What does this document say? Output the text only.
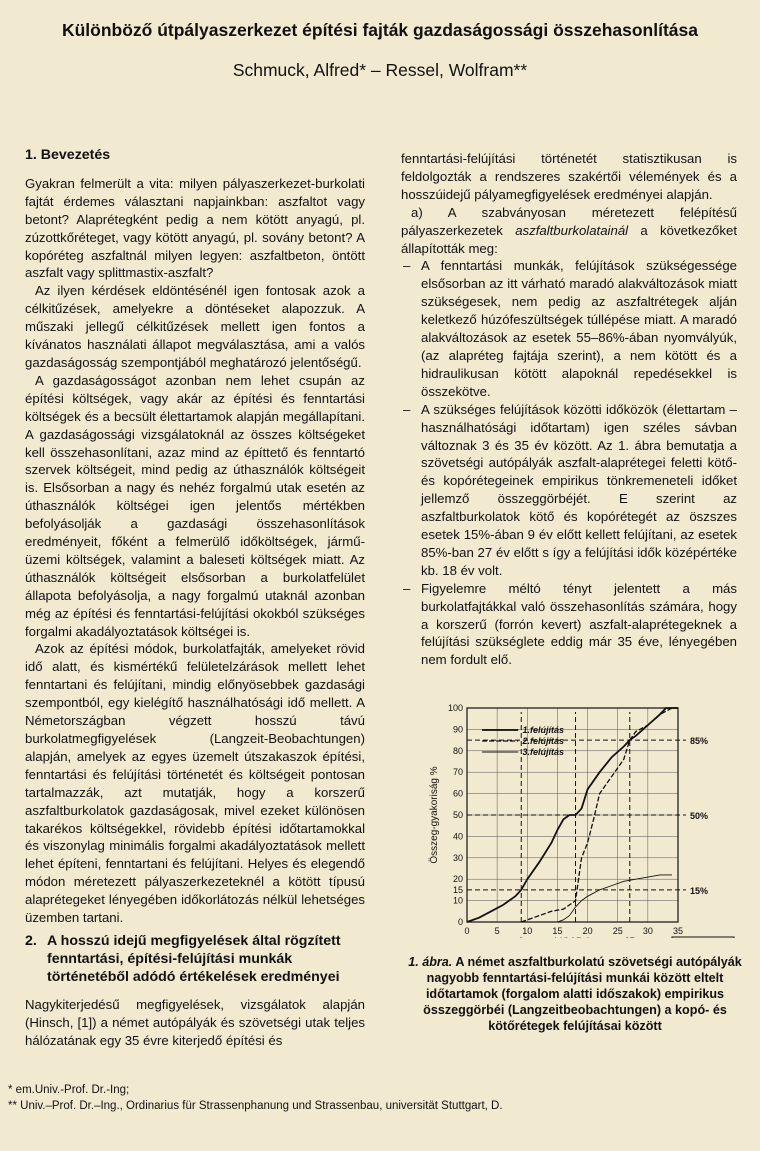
Különböző útpályaszerkezet építési fajták gazdaságossági összehasonlítása
Schmuck, Alfred* – Ressel, Wolfram**
1. Bevezetés

Gyakran felmerült a vita: milyen pályaszerkezet-burkolati fajtát érdemes választani napjainkban: aszfaltot vagy betont? Alaprétegként pedig a nem kötött anyagú, pl. zúzottkőréteget, vagy kötött anyagú, pl. sovány betont? A kopóréteg aszfaltnál milyen legyen: aszfaltbeton, öntött aszfalt vagy splittmastix-aszfalt?

Az ilyen kérdések eldöntésénél igen fontosak azok a célkitűzések, amelyekre a döntéseket alapozzuk. A műszaki jellegű célkitűzések mellett igen fontos a kívánatos használati állapot megválasztása, ami a valós gazdaságosság szempontjából meghatározó jelentőségű.

A gazdaságosságot azonban nem lehet csupán az építési költségek, vagy akár az építési és fenntartási költségek és a becsült élettartamok alapján megállapítani. A gazdaságossági vizsgálatoknál az összes költségeket kell összehasonlítani, azaz mind az építtető és fenntartó szervek költségeit, mind pedig az úthasználók költségeit is. Elsősorban a nagy és nehéz forgalmú utak esetén az úthasználók költségei igen jelentős mértékben befolyásolják a gazdasági összehasonlítások eredményeit, főként a felmerülő időköltségek, jármű-üzemi költségek, valamint a baleseti költségek miatt. Az úthasználók költségeit elsősorban a burkolatfelület állapota befolyásolja, a nagy forgalmú utaknál azonban még az építési és fenntartási-felújítási okokból szükséges forgalmi akadályoztatások költségei is.

Azok az építési módok, burkolatfajták, amelyeket rövid idő alatt, és kismértékű felületelzárások mellett lehet fenntartani és felújítani, mindig előnyösebbek gazdasági szempontból, egy kielégítő használhatósági idő mellett. A Németországban végzett hosszú távú burkolatmegfigyelések (Langzeit-Beobachtungen) alapján, amelyek az egyes üzemelt útszakaszok építési, fenntartási és felújítási történetét és költségeit pontosan tartalmazzák, azt mutatják, hogy a korszerű aszfaltburkolatok gazdaságosak, mivel ezeket különösen takarékos költségekkel, rövidebb építési időtartamokkal és viszonylag minimális forgalmi akadályoztatások mellett lehet építeni, fenntartani és felújítani. Helyes és elegendő módon méretezett pályaszerkezeteknél a kötött típusú alaprétegeket lényegében időkorlátozás nélkül lehetséges üzemben tartani.

2. A hosszú idejű megfigyelések által rögzített fenntartási, építési-felújítási munkák történetéből adódó értékelések eredményei

Nagykiterjedésű megfigyelések, vizsgálatok alapján (Hinsch, [1]) a német autópályák és szövetségi utak teljes hálózatának egy 35 évre kiterjedő építési és

fenntartási-felújítási történetét statisztikusan is feldolgozták a rendszeres szakértői vélemények és a hosszúidejű pályamegfigyelések eredményei alapján.

a) A szabványosan méretezett felépítésű pályaszerkezetek aszfaltburkolatainál a következőket állapították meg:

– A fenntartási munkák, felújítások szükségessége elsősorban az itt várható maradó alakváltozások miatt szükségesek, nem pedig az aszfaltrétegek alján keletkező húzófeszültségek túllépése miatt. A maradó alakváltozások az esetek 55–86%-ában nyomvályúk, (az alapréteg fajtája szerint), a nem kötött és a hidraulikusan kötött alapoknál repedésekkel is összekötve.
– A szükséges felújítások közötti időközök (élettartam – használhatósági időtartam) igen széles sávban változnak 3 és 35 év között. Az 1. ábra bemutatja a szövetségi autópályák aszfalt-alaprétegei feletti kötő- és kopórétegeinek empirikus tönkremeneteli időket jellemző összeggörbéjét. E szerint az aszfaltburkolatok kötő és kopórétegét az öszszes esetek 15%-ában 9 év előtt kellett felújítani, az esetek 85%-ban 27 év előtt s így a felújítási idők középértéke kb. 18 év volt.
– Figyelemre méltó tényt jelentett a más burkolatfajtákkal való összehasonlítás számára, hogy a korszerű (forrón kevert) aszfalt-alaprétegeknek a felújítási szükséglete eddig már 35 éve, lényegében nem fordult elő.
85%
50%
15%
0
10
15
20
30
40
50
60
70
80
90
100
0	5	10 15 20 25 30 35
Összeg-gyakoriság %
1.felújítás
2.felújítás
3.felújítás
1. ábra. A német aszfaltburkolatú szövetségi autópályák nagyobb fenntartási-felújítási munkái között eltelt időtartamok (forgalom alatti időszakok) empirikus összeggörbéi (Langzeitbeobachtungen) a kopó- és kötőrétegek felújításai között
* em.Univ.-Prof. Dr.-Ing;
** Univ.–Prof. Dr.–Ing., Ordinarius für Strassenphanung und Strassenbau, universität Stuttgart, D.
